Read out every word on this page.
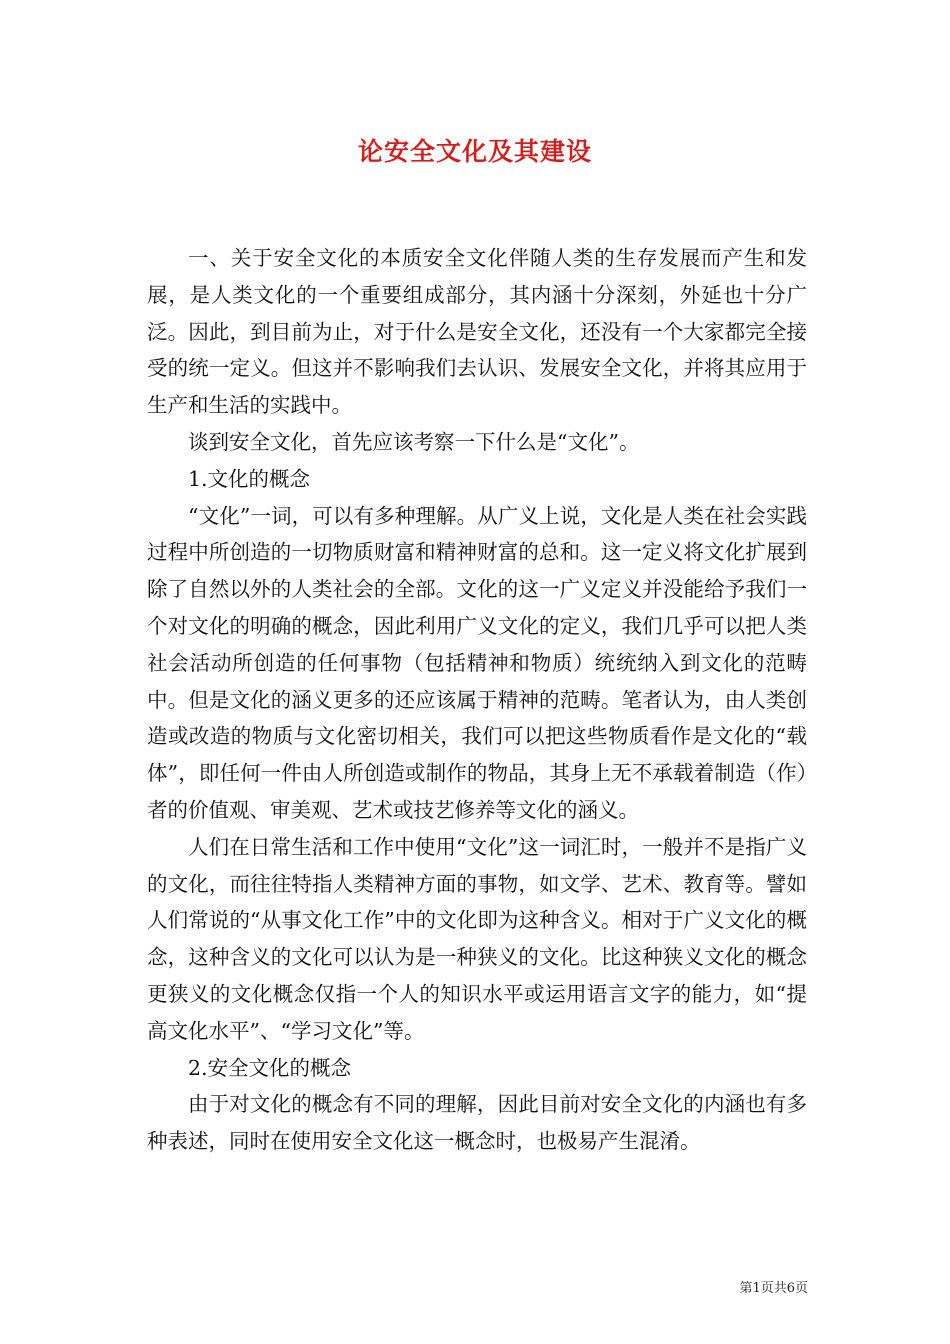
论安全文化及其建设

一、关于安全文化的本质安全文化伴随人类的生存发展而产生和发展，是人类文化的一个重要组成部分，其内涵十分深刻，外延也十分广泛。因此，到目前为止，对于什么是安全文化，还没有一个大家都完全接受的统一定义。但这并不影响我们去认识、发展安全文化，并将其应用于生产和生活的实践中。

谈到安全文化，首先应该考察一下什么是“文化”。

1.文化的概念

“文化”一词，可以有多种理解。从广义上说，文化是人类在社会实践过程中所创造的一切物质财富和精神财富的总和。这一定义将文化扩展到除了自然以外的人类社会的全部。文化的这一广义定义并没能给予我们一个对文化的明确的概念，因此利用广义文化的定义，我们几乎可以把人类社会活动所创造的任何事物（包括精神和物质）统统纳入到文化的范畴中。但是文化的涵义更多的还应该属于精神的范畴。笔者认为，由人类创造或改造的物质与文化密切相关，我们可以把这些物质看作是文化的“载体”，即任何一件由人所创造或制作的物品，其身上无不承载着制造（作）者的价值观、审美观、艺术或技艺修养等文化的涵义。

人们在日常生活和工作中使用“文化”这一词汇时，一般并不是指广义的文化，而往往特指人类精神方面的事物，如文学、艺术、教育等。譬如人们常说的“从事文化工作”中的文化即为这种含义。相对于广义文化的概念，这种含义的文化可以认为是一种狭义的文化。比这种狭义文化的概念更狭义的文化概念仅指一个人的知识水平或运用语言文字的能力，如“提高文化水平”、“学习文化”等。

2.安全文化的概念

由于对文化的概念有不同的理解，因此目前对安全文化的内涵也有多种表述，同时在使用安全文化这一概念时，也极易产生混淆。

第1页共6页
